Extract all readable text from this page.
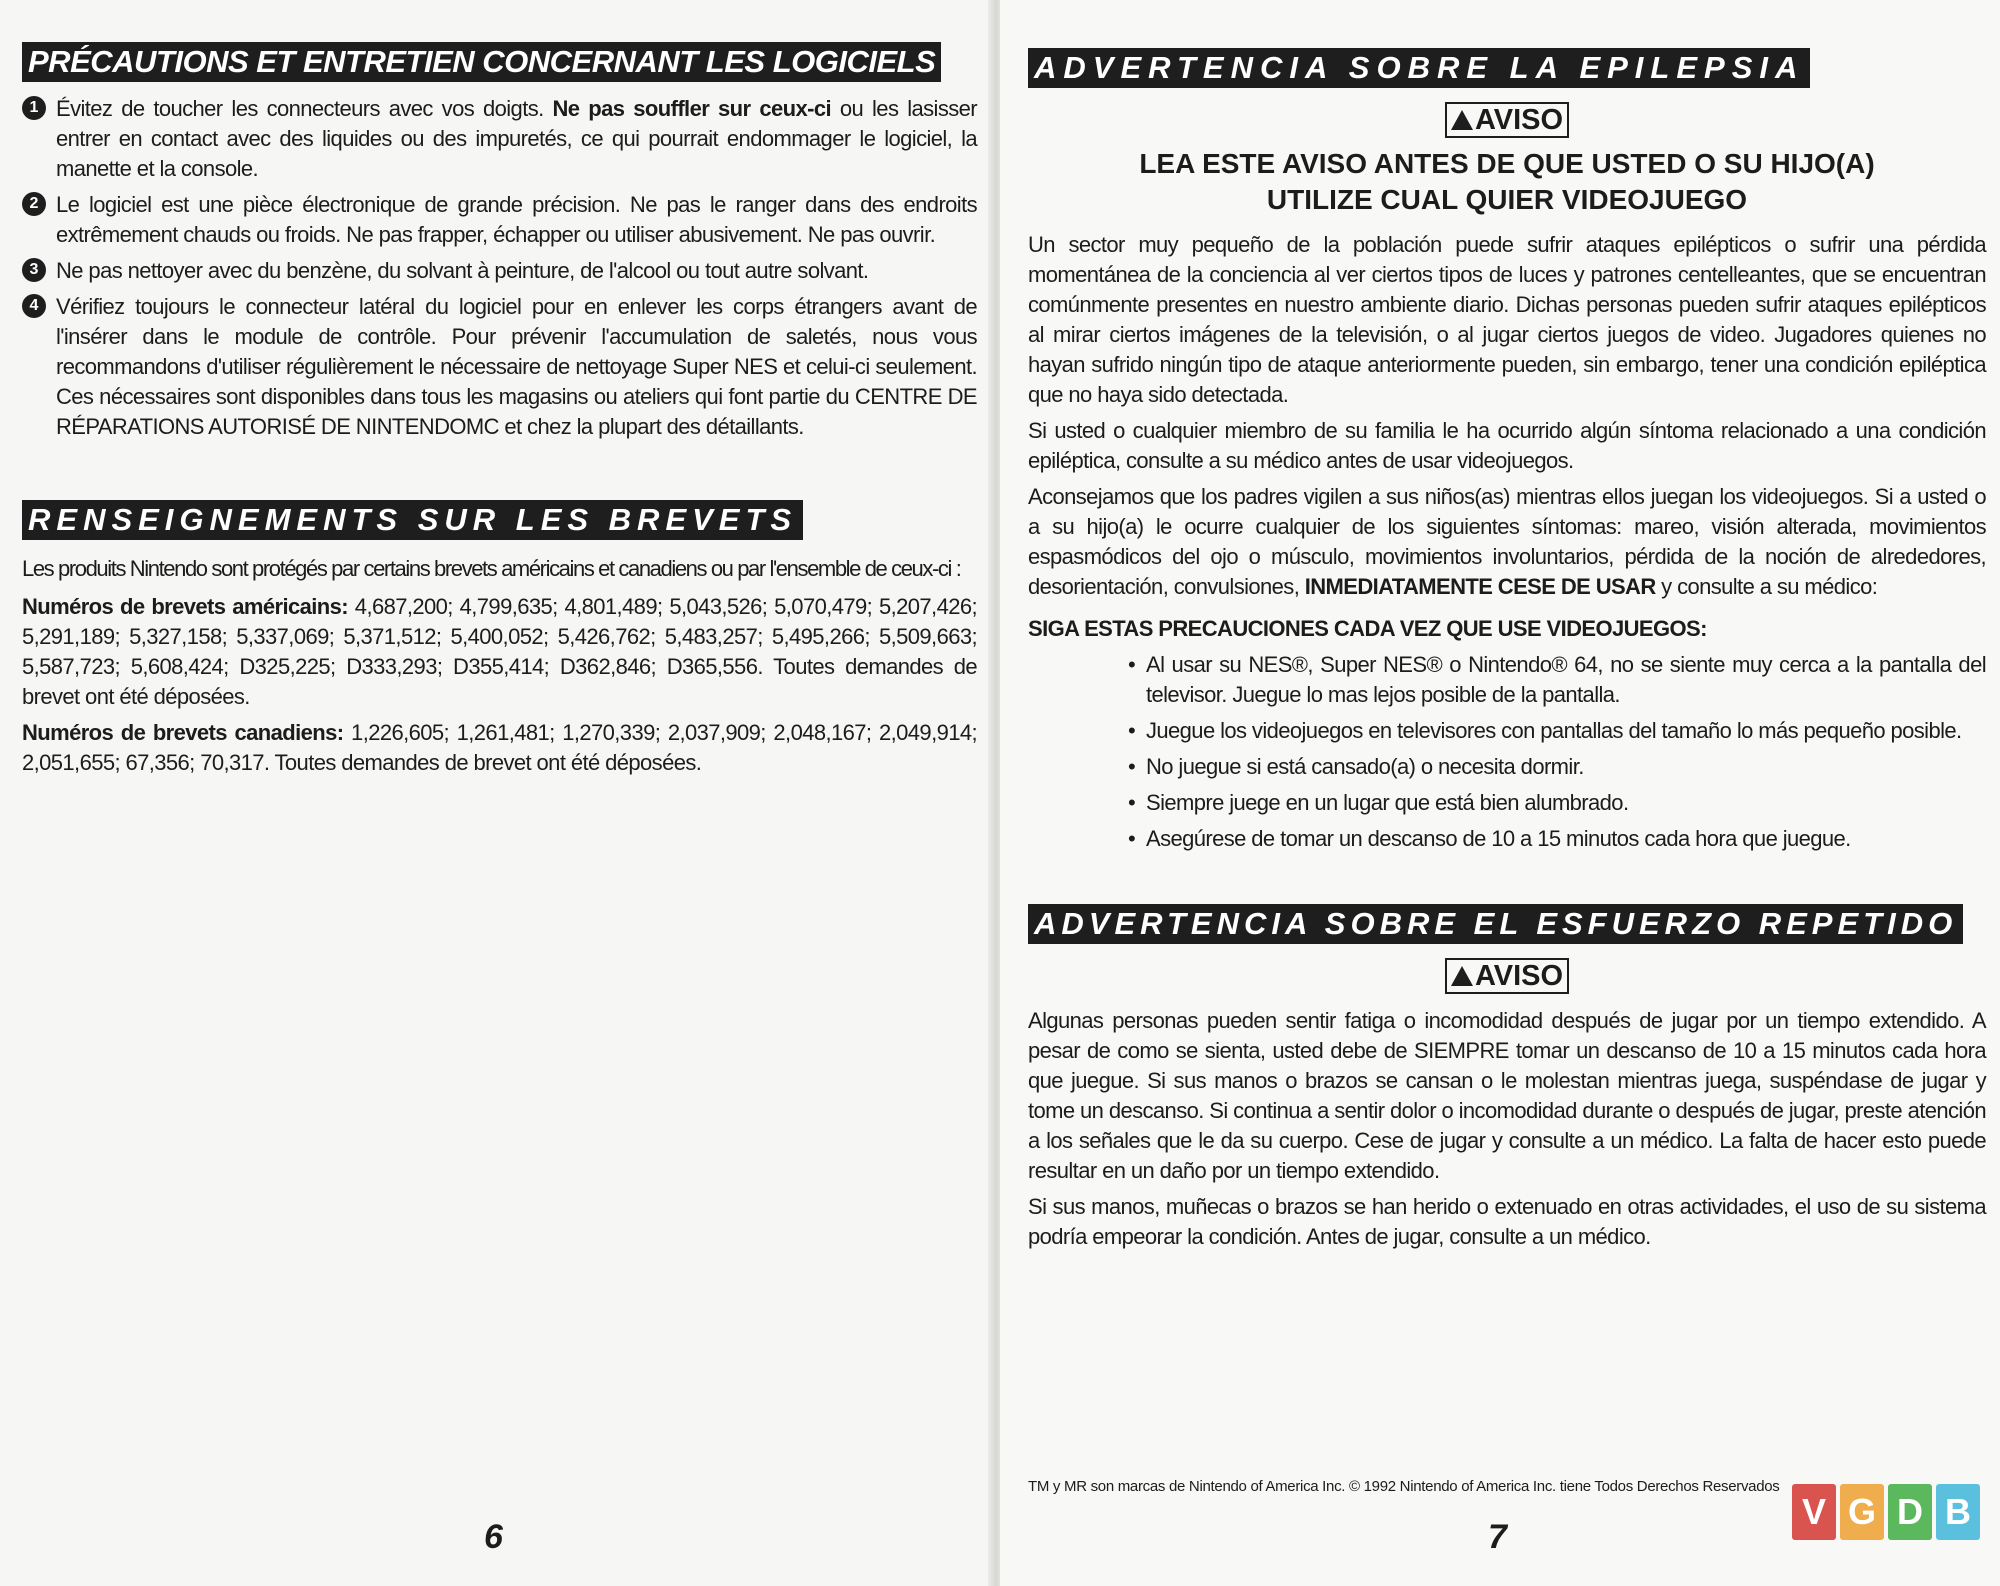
PRÉCAUTIONS ET ENTRETIEN CONCERNANT LES LOGICIELS
1 Évitez de toucher les connecteurs avec vos doigts. Ne pas souffler sur ceux-ci ou les lasisser entrer en contact avec des liquides ou des impuretés, ce qui pourrait endommager le logiciel, la manette et la console.

2 Le logiciel est une pièce électronique de grande précision. Ne pas le ranger dans des endroits extrêmement chauds ou froids. Ne pas frapper, échapper ou utiliser abusivement. Ne pas ouvrir.

3 Ne pas nettoyer avec du benzène, du solvant à peinture, de l'alcool ou tout autre solvant.

4 Vérifiez toujours le connecteur latéral du logiciel pour en enlever les corps étrangers avant de l'insérer dans le module de contrôle. Pour prévenir l'accumulation de saletés, nous vous recommandons d'utiliser régulièrement le nécessaire de nettoyage Super NES et celui-ci seulement. Ces nécessaires sont disponibles dans tous les magasins ou ateliers qui font partie du CENTRE DE RÉPARATIONS AUTORISÉ DE NINTENDOMC et chez la plupart des détaillants.

RENSEIGNEMENTS SUR LES BREVETS

Les produits Nintendo sont protégés par certains brevets américains et canadiens ou par l'ensemble de ceux-ci :

Numéros de brevets américains: 4,687,200; 4,799,635; 4,801,489; 5,043,526; 5,070,479; 5,207,426; 5,291,189; 5,327,158; 5,337,069; 5,371,512; 5,400,052; 5,426,762; 5,483,257; 5,495,266; 5,509,663; 5,587,723; 5,608,424; D325,225; D333,293; D355,414; D362,846; D365,556. Toutes demandes de brevet ont été déposées.

Numéros de brevets canadiens: 1,226,605; 1,261,481; 1,270,339; 2,037,909; 2,048,167; 2,049,914; 2,051,655; 67,356; 70,317. Toutes demandes de brevet ont été déposées.

6
ADVERTENCIA SOBRE LA EPILEPSIA
AVISO
LEA ESTE AVISO ANTES DE QUE USTED O SU HIJO(A) UTILIZE CUAL QUIER VIDEOJUEGO

Un sector muy pequeño de la población puede sufrir ataques epilépticos o sufrir una pérdida momentánea de la conciencia al ver ciertos tipos de luces y patrones centelleantes, que se encuentran comúnmente presentes en nuestro ambiente diario. Dichas personas pueden sufrir ataques epilépticos al mirar ciertos imágenes de la televisión, o al jugar ciertos juegos de video. Jugadores quienes no hayan sufrido ningún tipo de ataque anteriormente pueden, sin embargo, tener una condición epiléptica que no haya sido detectada.

Si usted o cualquier miembro de su familia le ha ocurrido algún síntoma relacionado a una condición epiléptica, consulte a su médico antes de usar videojuegos.

Aconsejamos que los padres vigilen a sus niños(as) mientras ellos juegan los videojuegos. Si a usted o a su hijo(a) le ocurre cualquier de los siguientes síntomas: mareo, visión alterada, movimientos espasmódicos del ojo o músculo, movimientos involuntarios, pérdida de la noción de alrededores, desorientación, convulsiones, INMEDIATAMENTE CESE DE USAR y consulte a su médico:

SIGA ESTAS PRECAUCIONES CADA VEZ QUE USE VIDEOJUEGOS:

• Al usar su NES®, Super NES® o Nintendo® 64, no se siente muy cerca a la pantalla del televisor. Juegue lo mas lejos posible de la pantalla.

• Juegue los videojuegos en televisores con pantallas del tamaño lo más pequeño posible.

• No juegue si está cansado(a) o necesita dormir.

• Siempre juege en un lugar que está bien alumbrado.

• Asegúrese de tomar un descanso de 10 a 15 minutos cada hora que juegue.

ADVERTENCIA SOBRE EL ESFUERZO REPETIDO
AVISO

Algunas personas pueden sentir fatiga o incomodidad después de jugar por un tiempo extendido. A pesar de como se sienta, usted debe de SIEMPRE tomar un descanso de 10 a 15 minutos cada hora que juegue. Si sus manos o brazos se cansan o le molestan mientras juega, suspéndase de jugar y tome un descanso. Si continua a sentir dolor o incomodidad durante o después de jugar, preste atención a los señales que le da su cuerpo. Cese de jugar y consulte a un médico. La falta de hacer esto puede resultar en un daño por un tiempo extendido.

Si sus manos, muñecas o brazos se han herido o extenuado en otras actividades, el uso de su sistema podría empeorar la condición. Antes de jugar, consulte a un médico.

TM y MR son marcas de Nintendo of America Inc. © 1992 Nintendo of America Inc. tiene Todos Derechos Reservados
7
V G D B
